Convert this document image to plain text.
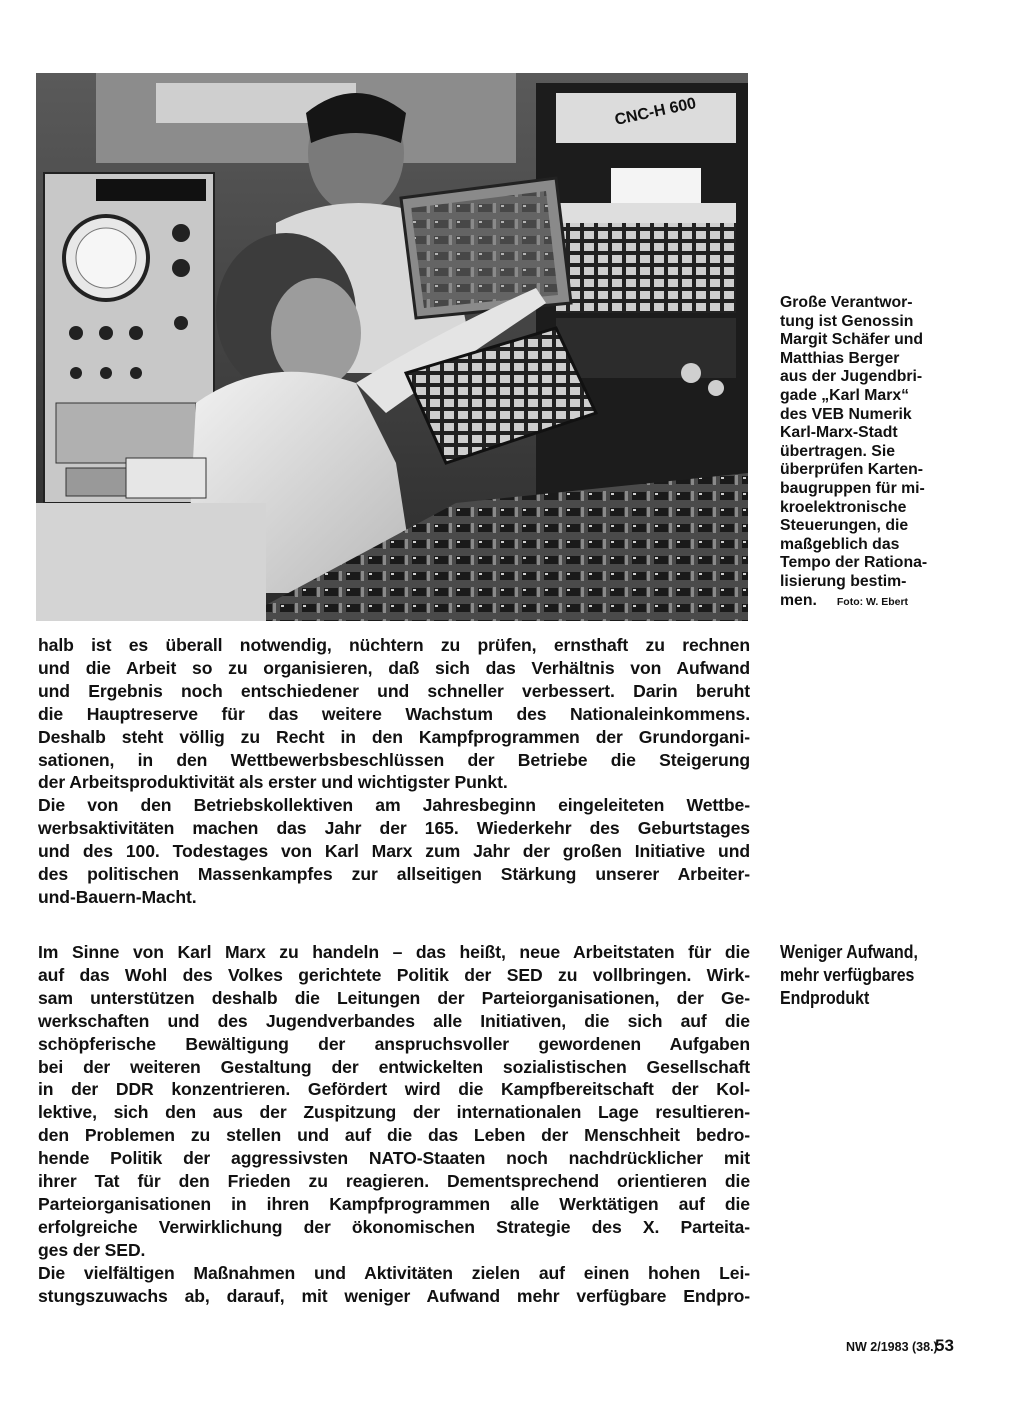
CNC-H 600

Große Verantwor-
tung ist Genossin
Margit Schäfer und
Matthias Berger
aus der Jugendbri-
gade „Karl Marx“
des VEB Numerik
Karl-Marx-Stadt
übertragen. Sie
überprüfen Karten-
baugruppen für mi-
kroelektronische
Steuerungen, die
maßgeblich das
Tempo der Rationa-
lisierung bestim-
men. Foto: W. Ebert

halb ist es überall notwendig, nüchtern zu prüfen, ernsthaft zu rechnen
und die Arbeit so zu organisieren, daß sich das Verhältnis von Aufwand
und Ergebnis noch entschiedener und schneller verbessert. Darin beruht
die Hauptreserve für das weitere Wachstum des Nationaleinkommens.
Deshalb steht völlig zu Recht in den Kampfprogrammen der Grundorgani-
sationen, in den Wettbewerbsbeschlüssen der Betriebe die Steigerung
der Arbeitsproduktivität als erster und wichtigster Punkt.
Die von den Betriebskollektiven am Jahresbeginn eingeleiteten Wettbe-
werbsaktivitäten machen das Jahr der 165. Wiederkehr des Geburtstages
und des 100. Todestages von Karl Marx zum Jahr der großen Initiative und
des politischen Massenkampfes zur allseitigen Stärkung unserer Arbeiter-
und-Bauern-Macht.
Weniger Aufwand,
mehr verfügbares
Endprodukt
Im Sinne von Karl Marx zu handeln – das heißt, neue Arbeitstaten für die
auf das Wohl des Volkes gerichtete Politik der SED zu vollbringen. Wirk-
sam unterstützen deshalb die Leitungen der Parteiorganisationen, der Ge-
werkschaften und des Jugendverbandes alle Initiativen, die sich auf die
schöpferische Bewältigung der anspruchsvoller gewordenen Aufgaben
bei der weiteren Gestaltung der entwickelten sozialistischen Gesellschaft
in der DDR konzentrieren. Gefördert wird die Kampfbereitschaft der Kol-
lektive, sich den aus der Zuspitzung der internationalen Lage resultieren-
den Problemen zu stellen und auf die das Leben der Menschheit bedro-
hende Politik der aggressivsten NATO-Staaten noch nachdrücklicher mit
ihrer Tat für den Frieden zu reagieren. Dementsprechend orientieren die
Parteiorganisationen in ihren Kampfprogrammen alle Werktätigen auf die
erfolgreiche Verwirklichung der ökonomischen Strategie des X. Parteita-
ges der SED.
Die vielfältigen Maßnahmen und Aktivitäten zielen auf einen hohen Lei-
stungszuwachs ab, darauf, mit weniger Aufwand mehr verfügbare Endpro-
NW 2/1983 (38.)
53
